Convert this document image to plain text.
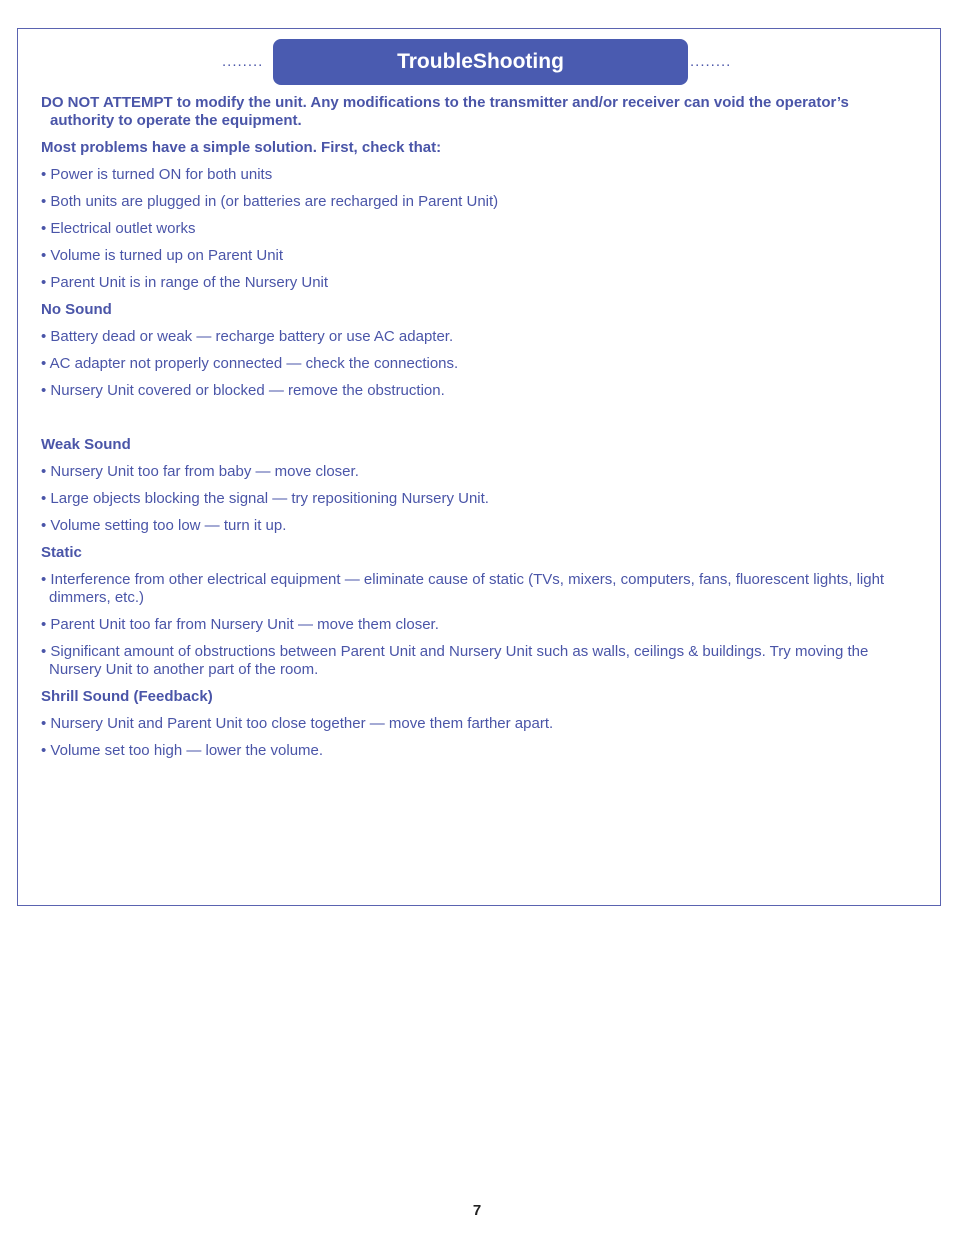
........	TroubleShooting	........

DO NOT ATTEMPT to modify the unit. Any modifications to the transmitter and/or receiver can void the operator’s authority to operate the equipment.

Most problems have a simple solution. First, check that:

• Power is turned ON for both units

• Both units are plugged in (or batteries are recharged in Parent Unit)

• Electrical outlet works

• Volume is turned up on Parent Unit

• Parent Unit is in range of the Nursery Unit

No Sound

• Battery dead or weak — recharge battery or use AC adapter.

• AC adapter not properly connected — check the connections.

• Nursery Unit covered or blocked — remove the obstruction.

Weak Sound

• Nursery Unit too far from baby — move closer.

• Large objects blocking the signal — try repositioning Nursery Unit.

• Volume setting too low — turn it up.

Static

• Interference from other electrical equipment — eliminate cause of static (TVs, mixers, computers, fans, fluorescent lights, light dimmers, etc.)

• Parent Unit too far from Nursery Unit — move them closer.

• Significant amount of obstructions between Parent Unit and Nursery Unit such as walls, ceilings & buildings. Try moving the Nursery Unit to another part of the room.

Shrill Sound (Feedback)

• Nursery Unit and Parent Unit too close together — move them farther apart.

• Volume set too high — lower the volume.

7
